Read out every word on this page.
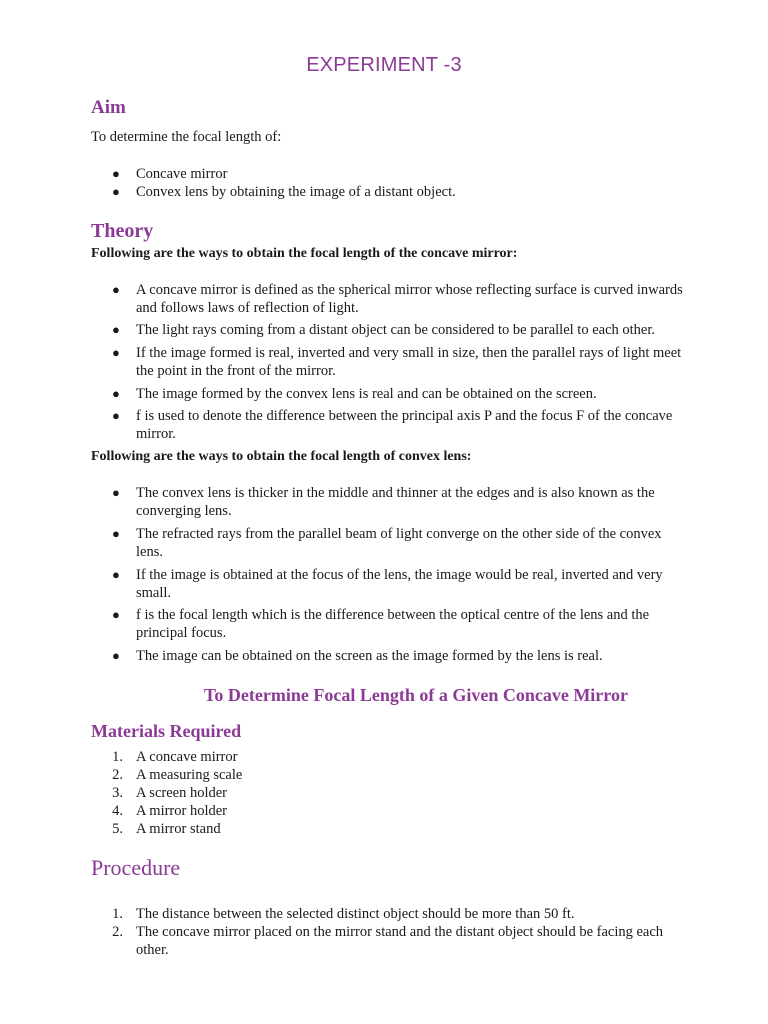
EXPERIMENT -3
Aim

To determine the focal length of:

● Concave mirror
● Convex lens by obtaining the image of a distant object.
Theory

Following are the ways to obtain the focal length of the concave mirror:

● A concave mirror is defined as the spherical mirror whose reflecting surface is curved inwards and follows laws of reflection of light.
● The light rays coming from a distant object can be considered to be parallel to each other.
● If the image formed is real, inverted and very small in size, then the parallel rays of light meet the point in the front of the mirror.
● The image formed by the convex lens is real and can be obtained on the screen.
● f is used to denote the difference between the principal axis P and the focus F of the concave mirror.

Following are the ways to obtain the focal length of convex lens:

● The convex lens is thicker in the middle and thinner at the edges and is also known as the converging lens.
● The refracted rays from the parallel beam of light converge on the other side of the convex lens.
● If the image is obtained at the focus of the lens, the image would be real, inverted and very small.
● f is the focal length which is the difference between the optical centre of the lens and the principal focus.
● The image can be obtained on the screen as the image formed by the lens is real.
To Determine Focal Length of a Given Concave Mirror
Materials Required
1. A concave mirror
2. A measuring scale
3. A screen holder
4. A mirror holder
5. A mirror stand
Procedure
1. The distance between the selected distinct object should be more than 50 ft.
2. The concave mirror placed on the mirror stand and the distant object should be facing each other.
